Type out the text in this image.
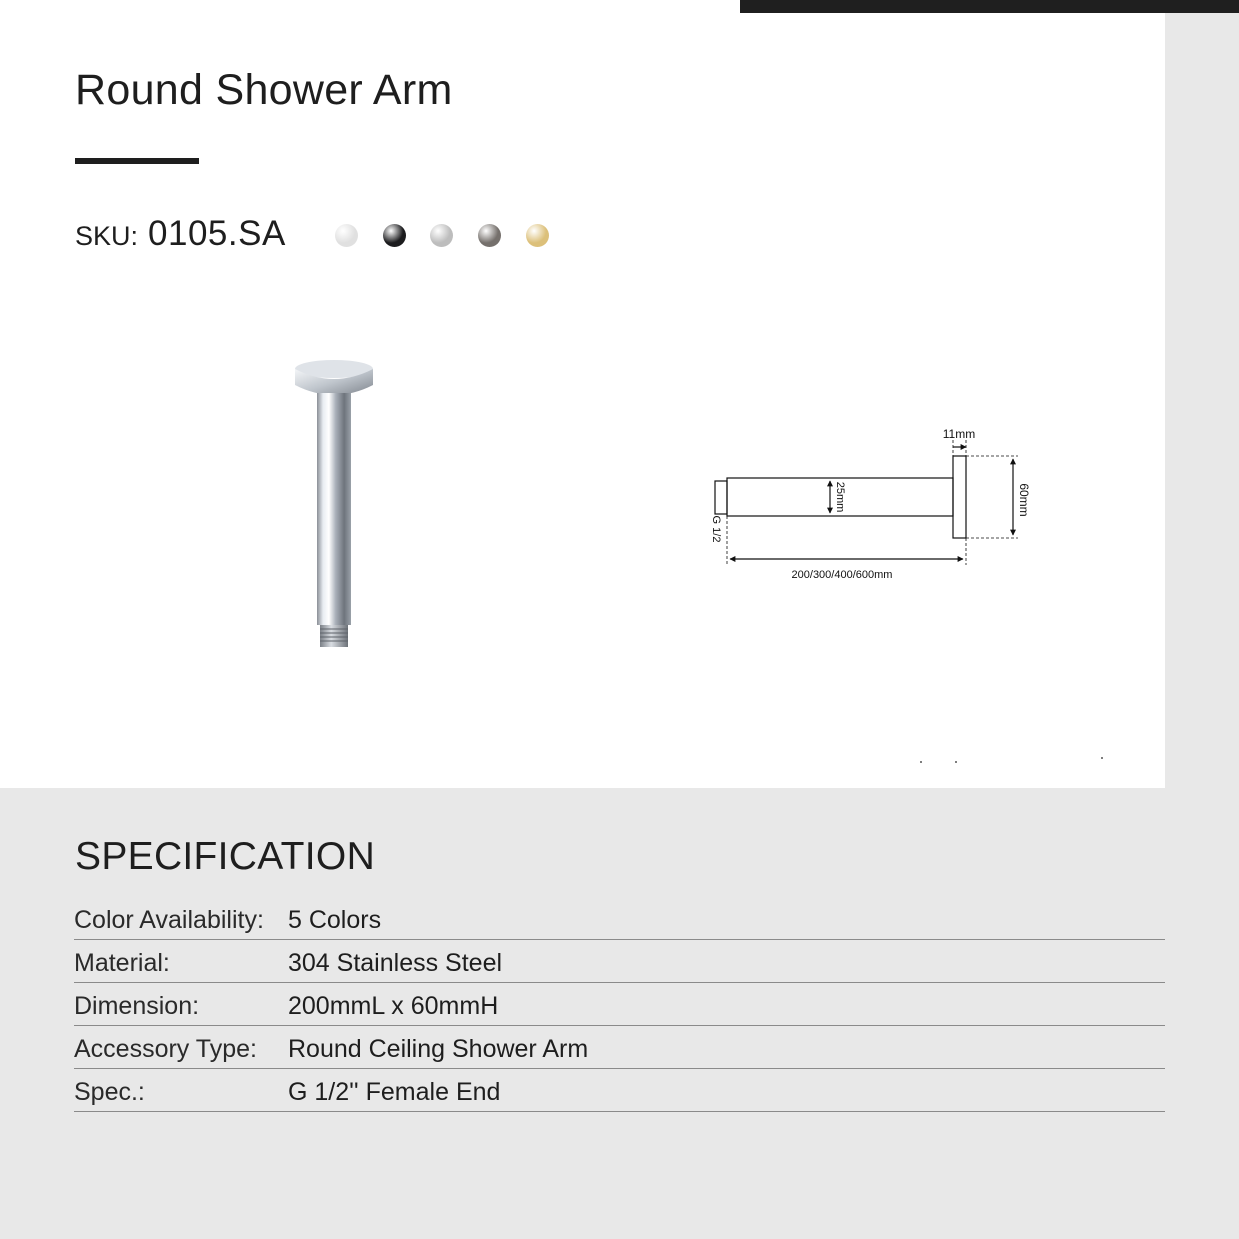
Round Shower Arm
SKU: 0105.SA
11mm
25mm	60mm
G 1/2
200/300/400/600mm
SPECIFICATION
Color Availability: 5 Colors
Material:	304 Stainless Steel
Dimension:	200mmL x 60mmH
Accessory Type: Round Ceiling Shower Arm
Spec.:	G 1/2'' Female End
